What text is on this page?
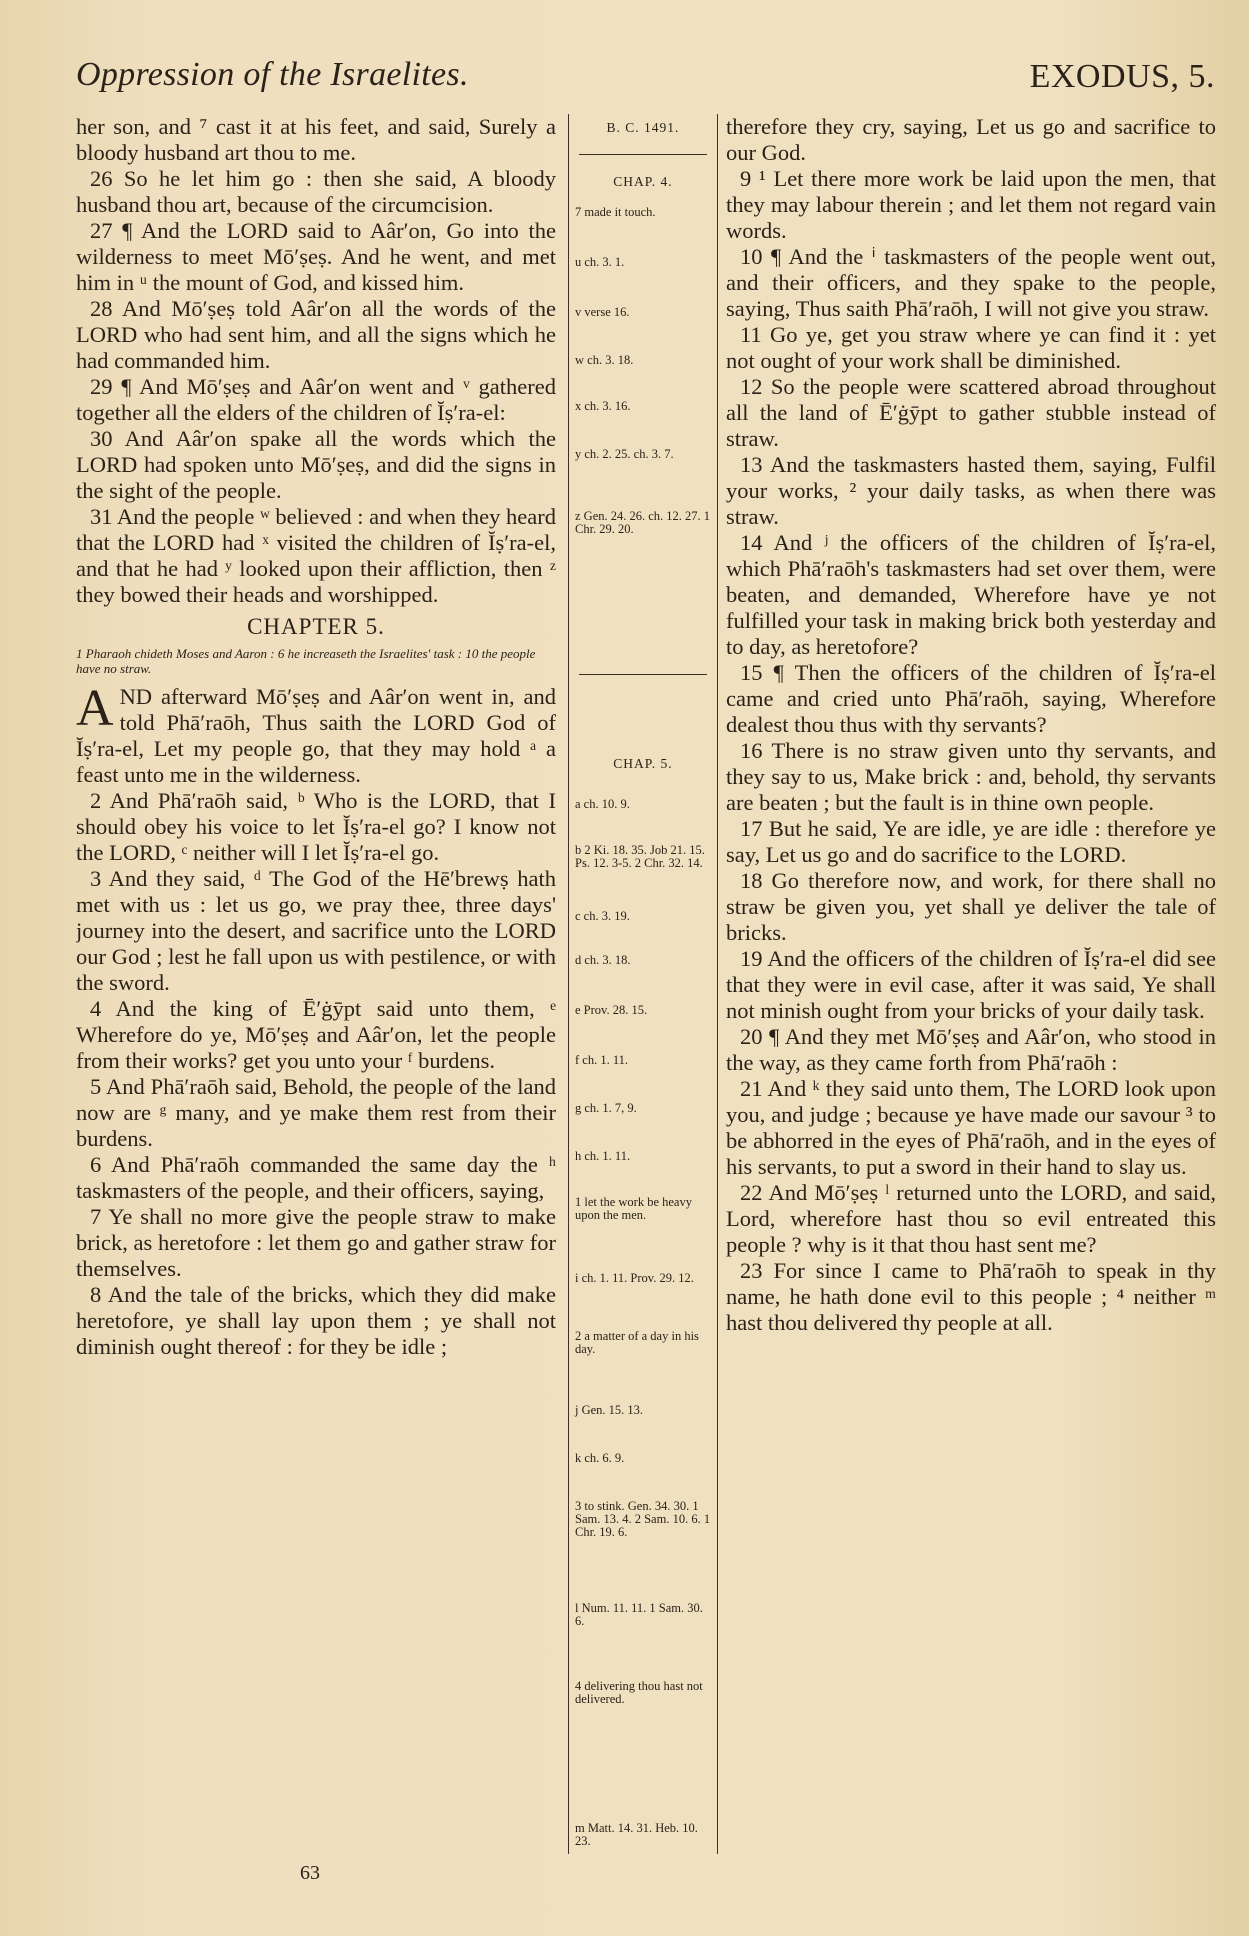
Oppression of the Israelites.	EXODUS, 5.

her son, and ⁷ cast it at his feet, and said, Surely a bloody husband art thou to me.

26 So he let him go : then she said, A bloody husband thou art, because of the circumcision.

27 ¶ And the LORD said to Aâr′on, Go into the wilderness to meet Mō′ṣeṣ. And he went, and met him in ᵘ the mount of God, and kissed him.

28 And Mō′ṣeṣ told Aâr′on all the words of the LORD who had sent him, and all the signs which he had commanded him.

29 ¶ And Mō′ṣeṣ and Aâr′on went and ᵛ gathered together all the elders of the children of Ĭṣ′ra-el:

30 And Aâr′on spake all the words which the LORD had spoken unto Mō′ṣeṣ, and did the signs in the sight of the people.

31 And the people ʷ believed : and when they heard that the LORD had ˣ visited the children of Ĭṣ′ra-el, and that he had ʸ looked upon their affliction, then ᶻ they bowed their heads and worshipped.

CHAPTER 5.

1 Pharaoh chideth Moses and Aaron : 6 he increaseth the Israelites' task : 10 the people have no straw.

AND afterward Mō′ṣeṣ and Aâr′on went in, and told Phā′raōh, Thus saith the LORD God of Ĭṣ′ra-el, Let my people go, that they may hold ᵃ a feast unto me in the wilderness.

2 And Phā′raōh said, ᵇ Who is the LORD, that I should obey his voice to let Ĭṣ′ra-el go? I know not the LORD, ᶜ neither will I let Ĭṣ′ra-el go.

3 And they said, ᵈ The God of the Hē′brewṣ hath met with us : let us go, we pray thee, three days' journey into the desert, and sacrifice unto the LORD our God ; lest he fall upon us with pestilence, or with the sword.

4 And the king of Ē′ġȳpt said unto them, ᵉ Wherefore do ye, Mō′ṣeṣ and Aâr′on, let the people from their works? get you unto your ᶠ burdens.

5 And Phā′raōh said, Behold, the people of the land now are ᵍ many, and ye make them rest from their burdens.

6 And Phā′raōh commanded the same day the ʰ taskmasters of the people, and their officers, saying,

7 Ye shall no more give the people straw to make brick, as heretofore : let them go and gather straw for themselves.

8 And the tale of the bricks, which they did make heretofore, ye shall lay upon them ; ye shall not diminish ought thereof : for they be idle ;

B. C. 1491.
CHAP. 4.
7 made it touch.
u ch. 3. 1.
v verse 16.
w ch. 3. 18.
x ch. 3. 16.
y ch. 2. 25. ch. 3. 7.
z Gen. 24. 26. ch. 12. 27. 1 Chr. 29. 20.
CHAP. 5.
a ch. 10. 9.
b 2 Ki. 18. 35. Job 21. 15. Ps. 12. 3-5. 2 Chr. 32. 14.
c ch. 3. 19.
d ch. 3. 18.
e Prov. 28. 15.
f ch. 1. 11.
g ch. 1. 7, 9.
h ch. 1. 11.
1 let the work be heavy upon the men.
i ch. 1. 11. Prov. 29. 12.
2 a matter of a day in his day.
j Gen. 15. 13.
k ch. 6. 9.
3 to stink. Gen. 34. 30. 1 Sam. 13. 4. 2 Sam. 10. 6. 1 Chr. 19. 6.
l Num. 11. 11. 1 Sam. 30. 6.
4 delivering thou hast not delivered.
m Matt. 14. 31. Heb. 10. 23.

therefore they cry, saying, Let us go and sacrifice to our God.

9 ¹ Let there more work be laid upon the men, that they may labour therein ; and let them not regard vain words.

10 ¶ And the ⁱ taskmasters of the people went out, and their officers, and they spake to the people, saying, Thus saith Phā′raōh, I will not give you straw.

11 Go ye, get you straw where ye can find it : yet not ought of your work shall be diminished.

12 So the people were scattered abroad throughout all the land of Ē′ġȳpt to gather stubble instead of straw.

13 And the taskmasters hasted them, saying, Fulfil your works, ² your daily tasks, as when there was straw.

14 And ʲ the officers of the children of Ĭṣ′ra-el, which Phā′raōh's taskmasters had set over them, were beaten, and demanded, Wherefore have ye not fulfilled your task in making brick both yesterday and to day, as heretofore?

15 ¶ Then the officers of the children of Ĭṣ′ra-el came and cried unto Phā′raōh, saying, Wherefore dealest thou thus with thy servants?

16 There is no straw given unto thy servants, and they say to us, Make brick : and, behold, thy servants are beaten ; but the fault is in thine own people.

17 But he said, Ye are idle, ye are idle : therefore ye say, Let us go and do sacrifice to the LORD.

18 Go therefore now, and work, for there shall no straw be given you, yet shall ye deliver the tale of bricks.

19 And the officers of the children of Ĭṣ′ra-el did see that they were in evil case, after it was said, Ye shall not minish ought from your bricks of your daily task.

20 ¶ And they met Mō′ṣeṣ and Aâr′on, who stood in the way, as they came forth from Phā′raōh :

21 And ᵏ they said unto them, The LORD look upon you, and judge ; because ye have made our savour ³ to be abhorred in the eyes of Phā′raōh, and in the eyes of his servants, to put a sword in their hand to slay us.

22 And Mō′ṣeṣ ˡ returned unto the LORD, and said, Lord, wherefore hast thou so evil entreated this people ? why is it that thou hast sent me?

23 For since I came to Phā′raōh to speak in thy name, he hath done evil to this people ; ⁴ neither ᵐ hast thou delivered thy people at all.

63
